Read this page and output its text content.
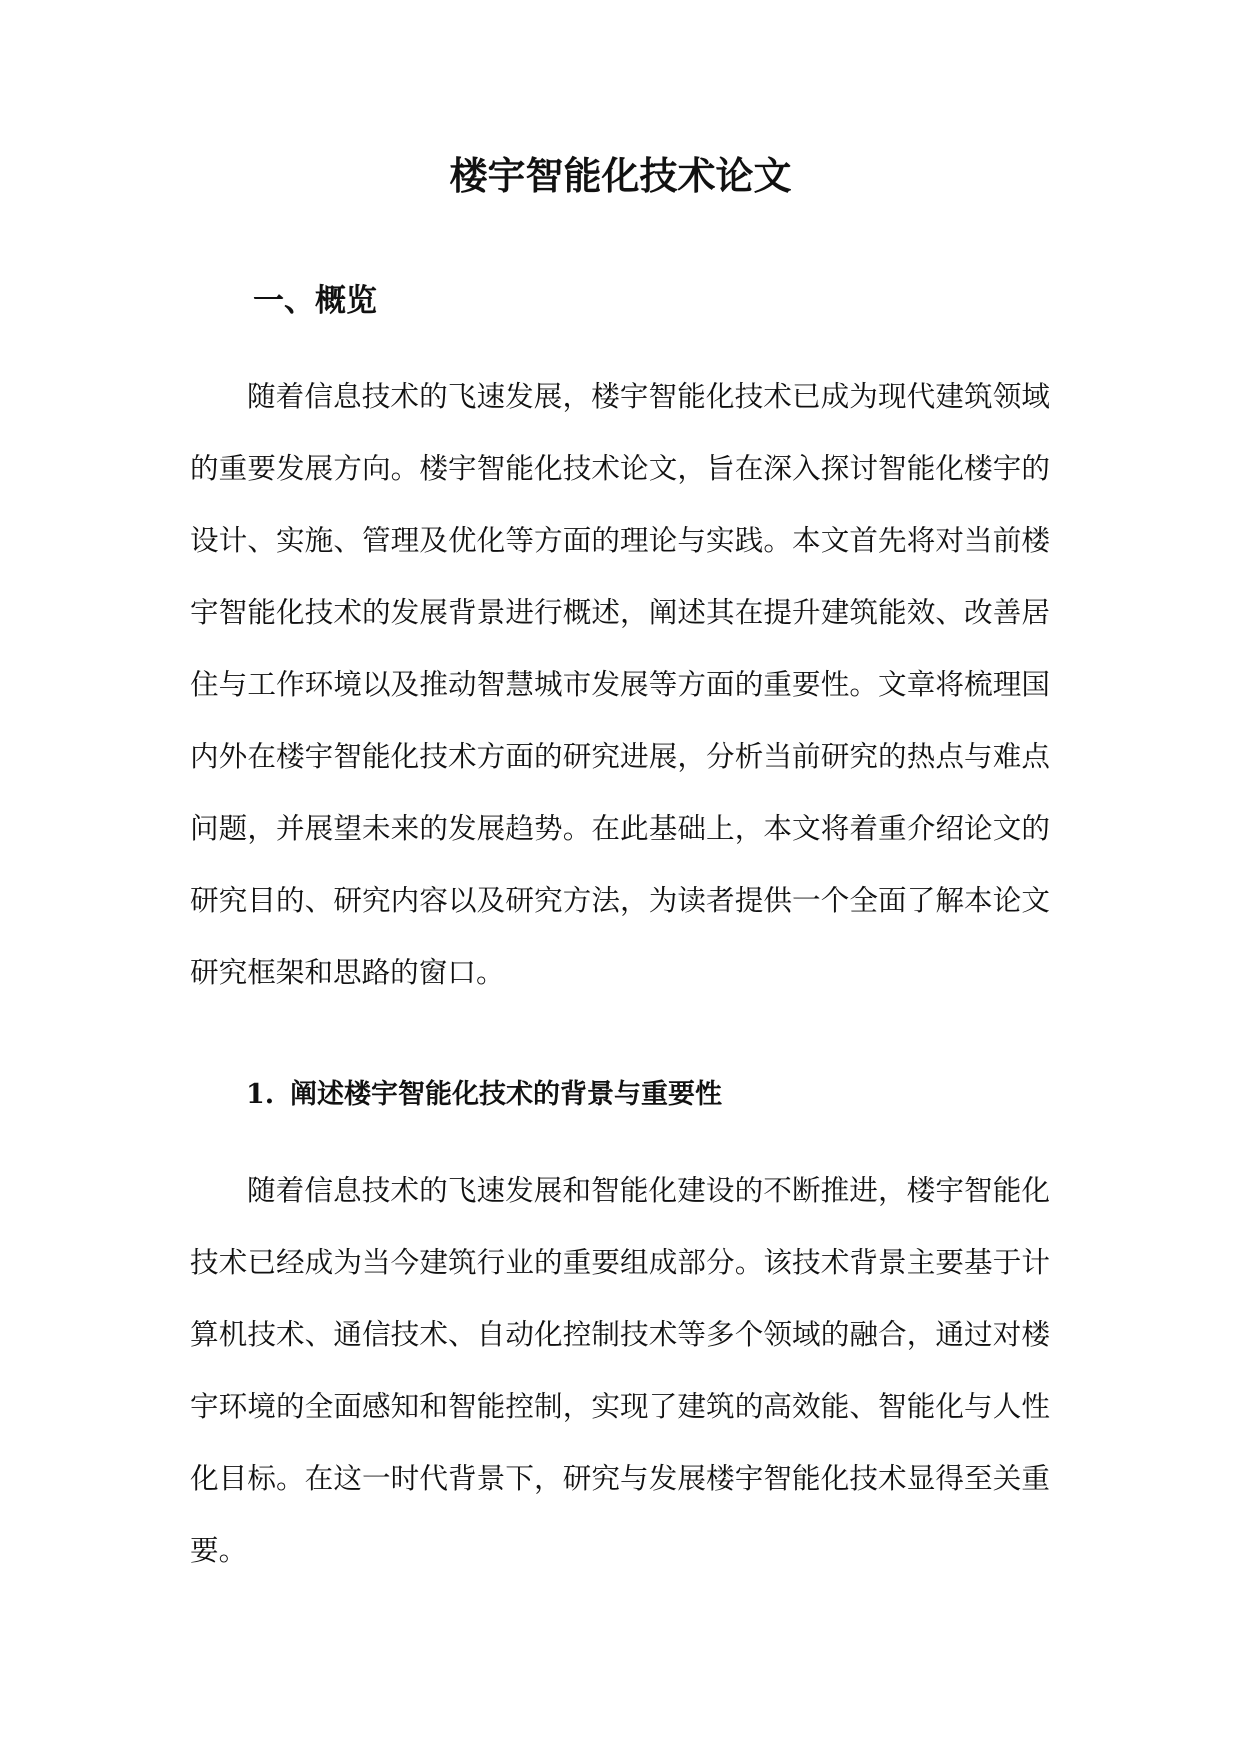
楼宇智能化技术论文
一、概览

随着信息技术的飞速发展，楼宇智能化技术已成为现代建筑领域的重要发展方向。楼宇智能化技术论文，旨在深入探讨智能化楼宇的设计、实施、管理及优化等方面的理论与实践。本文首先将对当前楼宇智能化技术的发展背景进行概述，阐述其在提升建筑能效、改善居住与工作环境以及推动智慧城市发展等方面的重要性。文章将梳理国内外在楼宇智能化技术方面的研究进展，分析当前研究的热点与难点问题，并展望未来的发展趋势。在此基础上，本文将着重介绍论文的研究目的、研究内容以及研究方法，为读者提供一个全面了解本论文研究框架和思路的窗口。

1. 阐述楼宇智能化技术的背景与重要性

随着信息技术的飞速发展和智能化建设的不断推进，楼宇智能化技术已经成为当今建筑行业的重要组成部分。该技术背景主要基于计算机技术、通信技术、自动化控制技术等多个领域的融合，通过对楼宇环境的全面感知和智能控制，实现了建筑的高效能、智能化与人性化目标。在这一时代背景下，研究与发展楼宇智能化技术显得至关重要。
